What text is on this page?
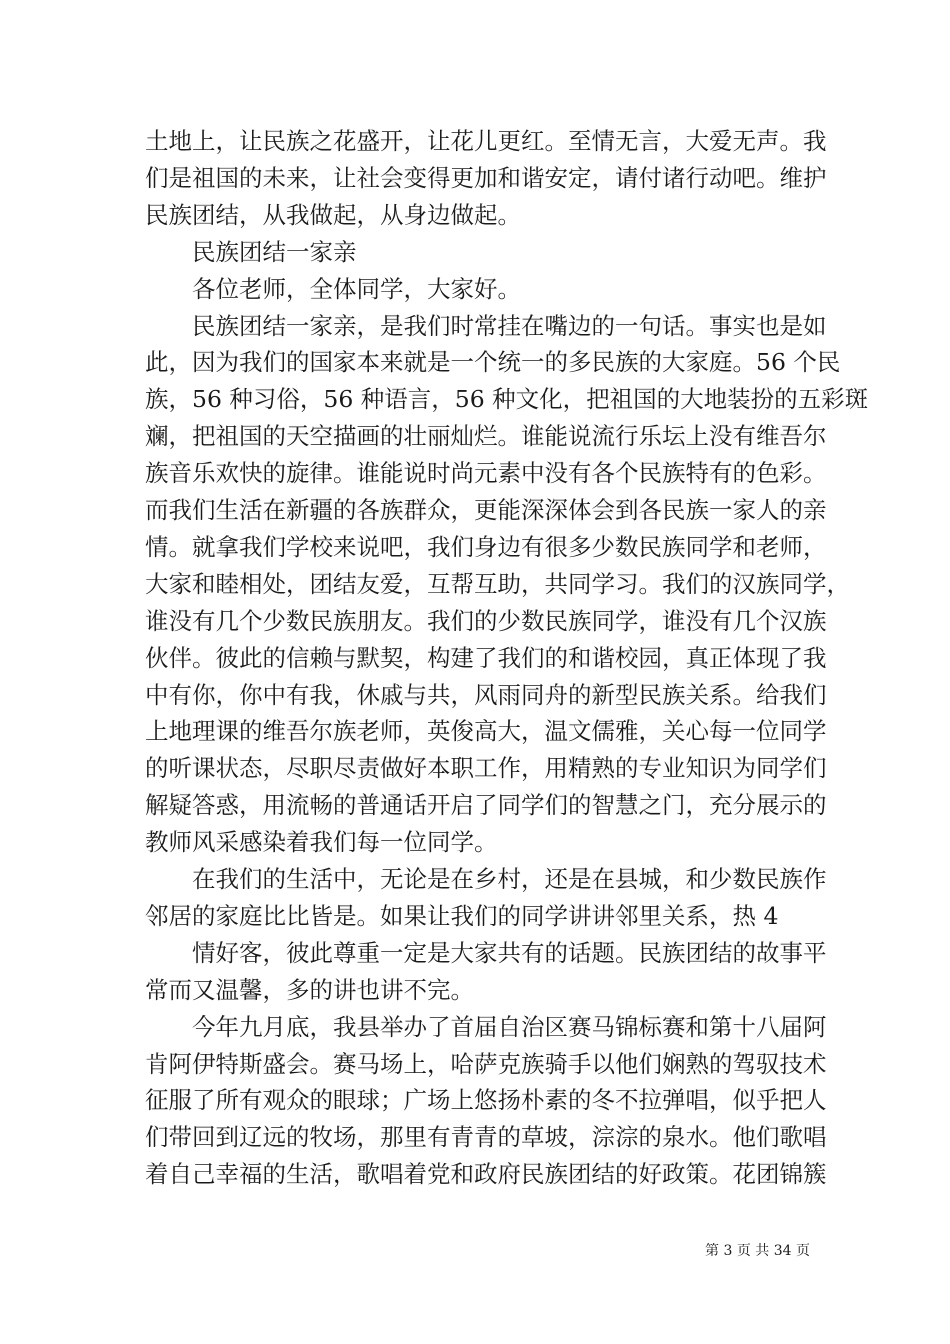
土地上，让民族之花盛开，让花儿更红。至情无言，大爱无声。我
们是祖国的未来，让社会变得更加和谐安定，请付诸行动吧。维护
民族团结，从我做起，从身边做起。
民族团结一家亲
各位老师，全体同学，大家好。
民族团结一家亲，是我们时常挂在嘴边的一句话。事实也是如
此，因为我们的国家本来就是一个统一的多民族的大家庭。56 个民
族，56 种习俗，56 种语言，56 种文化，把祖国的大地装扮的五彩斑
斓，把祖国的天空描画的壮丽灿烂。谁能说流行乐坛上没有维吾尔
族音乐欢快的旋律。谁能说时尚元素中没有各个民族特有的色彩。
而我们生活在新疆的各族群众，更能深深体会到各民族一家人的亲
情。就拿我们学校来说吧，我们身边有很多少数民族同学和老师，
大家和睦相处，团结友爱，互帮互助，共同学习。我们的汉族同学，
谁没有几个少数民族朋友。我们的少数民族同学，谁没有几个汉族
伙伴。彼此的信赖与默契，构建了我们的和谐校园，真正体现了我
中有你，你中有我，休戚与共，风雨同舟的新型民族关系。给我们
上地理课的维吾尔族老师，英俊高大，温文儒雅，关心每一位同学
的听课状态，尽职尽责做好本职工作，用精熟的专业知识为同学们
解疑答惑，用流畅的普通话开启了同学们的智慧之门，充分展示的
教师风采感染着我们每一位同学。
在我们的生活中，无论是在乡村，还是在县城，和少数民族作
邻居的家庭比比皆是。如果让我们的同学讲讲邻里关系，热 4
情好客，彼此尊重一定是大家共有的话题。民族团结的故事平
常而又温馨，多的讲也讲不完。
今年九月底，我县举办了首届自治区赛马锦标赛和第十八届阿
肯阿伊特斯盛会。赛马场上，哈萨克族骑手以他们娴熟的驾驭技术
征服了所有观众的眼球；广场上悠扬朴素的冬不拉弹唱，似乎把人
们带回到辽远的牧场，那里有青青的草坡，淙淙的泉水。他们歌唱
着自己幸福的生活，歌唱着党和政府民族团结的好政策。花团锦簇
第 3 页 共 34 页
